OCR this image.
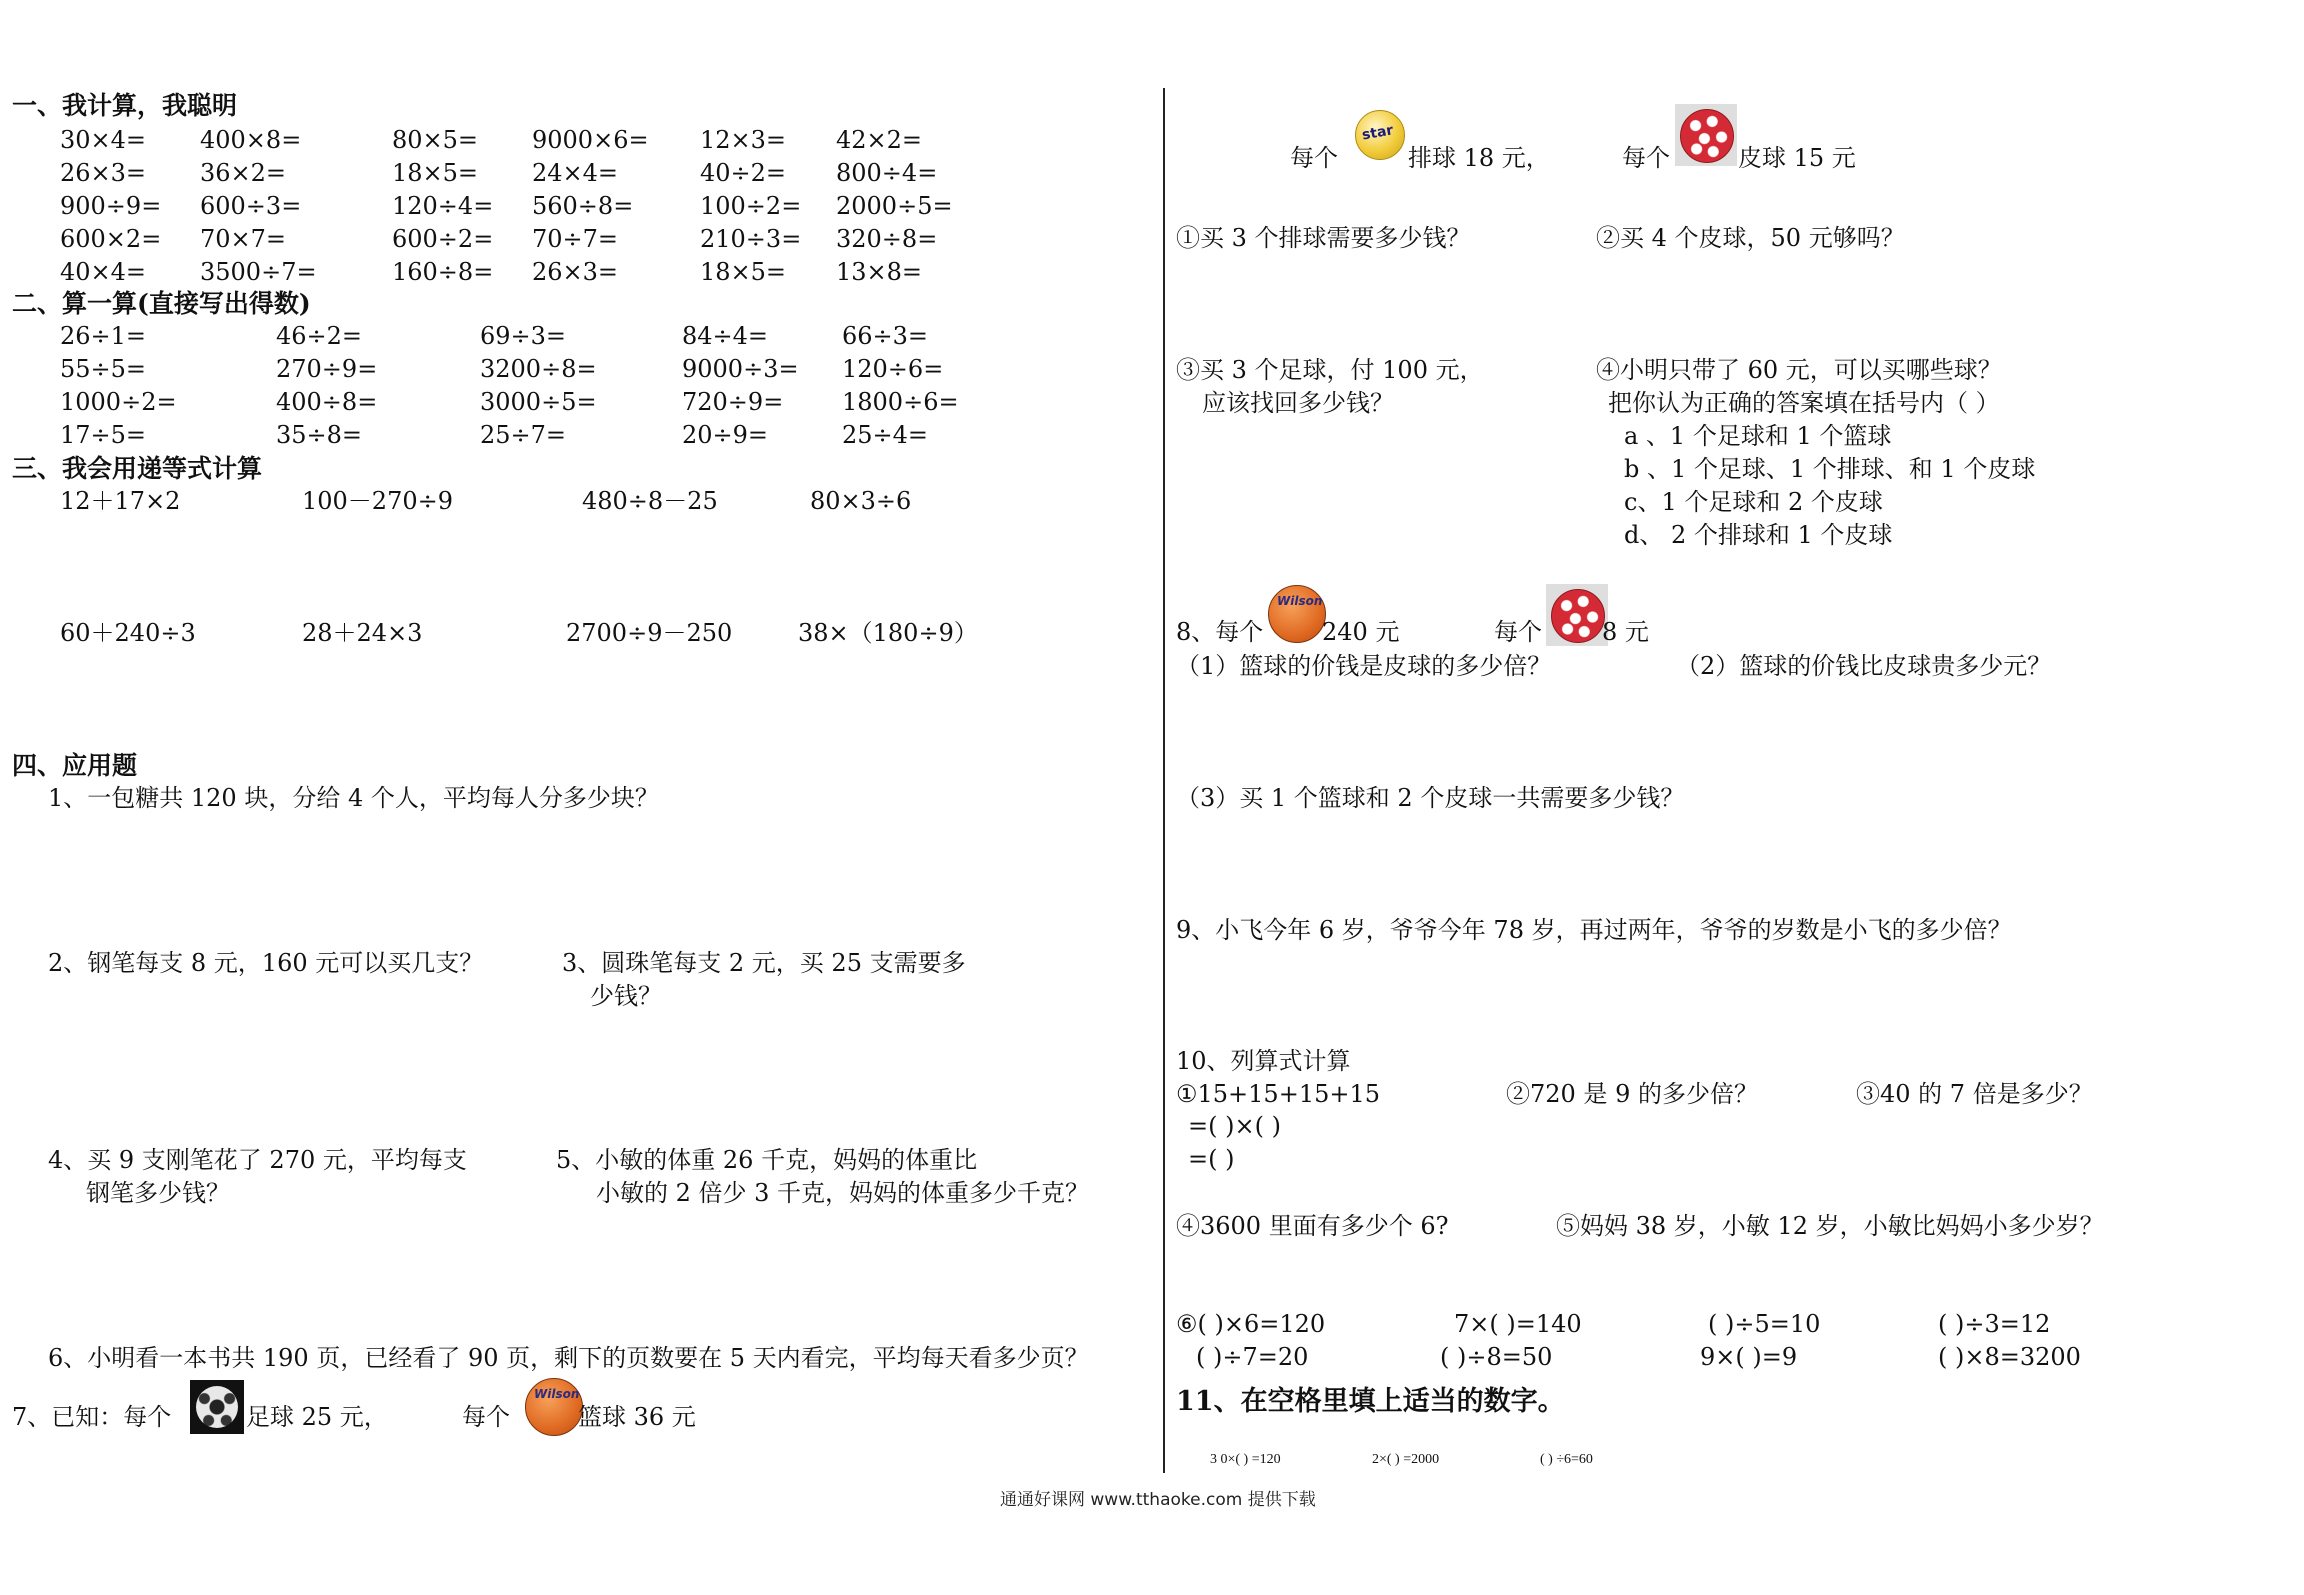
一、我计算，我聪明
30×4= 400×8=	80×5= 9000×6= 12×3= 42×2=
26×3= 36×2=	18×5= 24×4=	40÷2= 800÷4=
900÷9= 600÷3=	120÷4= 560÷8=	100÷2= 2000÷5=
600×2= 70×7=	600÷2= 70÷7=	210÷3= 320÷8=
40×4= 3500÷7=	160÷8= 26×3=	18×5= 13×8=
二、算一算(直接写出得数)
26÷1=	46÷2=	69÷3=	84÷4=	66÷3=
55÷5=	270÷9=	3200÷8=	9000÷3= 120÷6=
1000÷2=	400÷8=	3000÷5=	720÷9= 1800÷6=
17÷5=	35÷8=	25÷7=	20÷9=	25÷4=
三、我会用递等式计算
12＋17×2	100－270÷9	480÷8－25	80×3÷6
60＋240÷3	28＋24×3	2700÷9－250	38×（180÷9）
四、应用题
1、一包糖共 120 块，分给 4 个人，平均每人分多少块？
2、钢笔每支 8 元，160 元可以买几支？	3、圆珠笔每支 2 元，买 25 支需要多
少钱？
4、买 9 支刚笔花了 270 元，平均每支
钢笔多少钱？
5、小敏的体重 26 千克，妈妈的体重比
小敏的 2 倍少 3 千克，妈妈的体重多少千克？
6、小明看一本书共 190 页，已经看了 90 页，剩下的页数要在 5 天内看完，平均每天看多少页？
7、已知：每个	足球 25 元，	每个
Wilson
篮球 36 元
每个
star
排球 18 元，	每个	皮球 15 元
①买 3 个排球需要多少钱？	②买 4 个皮球，50 元够吗？
③买 3 个足球，付 100 元，
应该找回多少钱？
④小明只带了 60 元，可以买哪些球？
把你认为正确的答案填在括号内（ ）
a 、1 个足球和 1 个篮球
b 、1 个足球、1 个排球、和 1 个皮球
c、1 个足球和 2 个皮球
d、 2 个排球和 1 个皮球
8、每个
Wilson
240 元	每个	8 元
（1）篮球的价钱是皮球的多少倍？	（2）篮球的价钱比皮球贵多少元？
（3）买 1 个篮球和 2 个皮球一共需要多少钱？
9、小飞今年 6 岁，爷爷今年 78 岁，再过两年，爷爷的岁数是小飞的多少倍？
10、列算式计算
①15+15+15+15	②720 是 9 的多少倍？	③40 的 7 倍是多少？
=( )×( )
=( )
④3600 里面有多少个 6?	⑤妈妈 38 岁，小敏 12 岁，小敏比妈妈小多少岁？
⑥( )×6=120	7×( )=140	( )÷5=10	( )÷3=12
( )÷7=20	( )÷8=50	9×( )=9	( )×8=3200
11、在空格里填上适当的数字。
3 0×( ) =120	2×( ) =2000	( ) ÷6=60
通通好课网 www.tthaoke.com 提供下载
